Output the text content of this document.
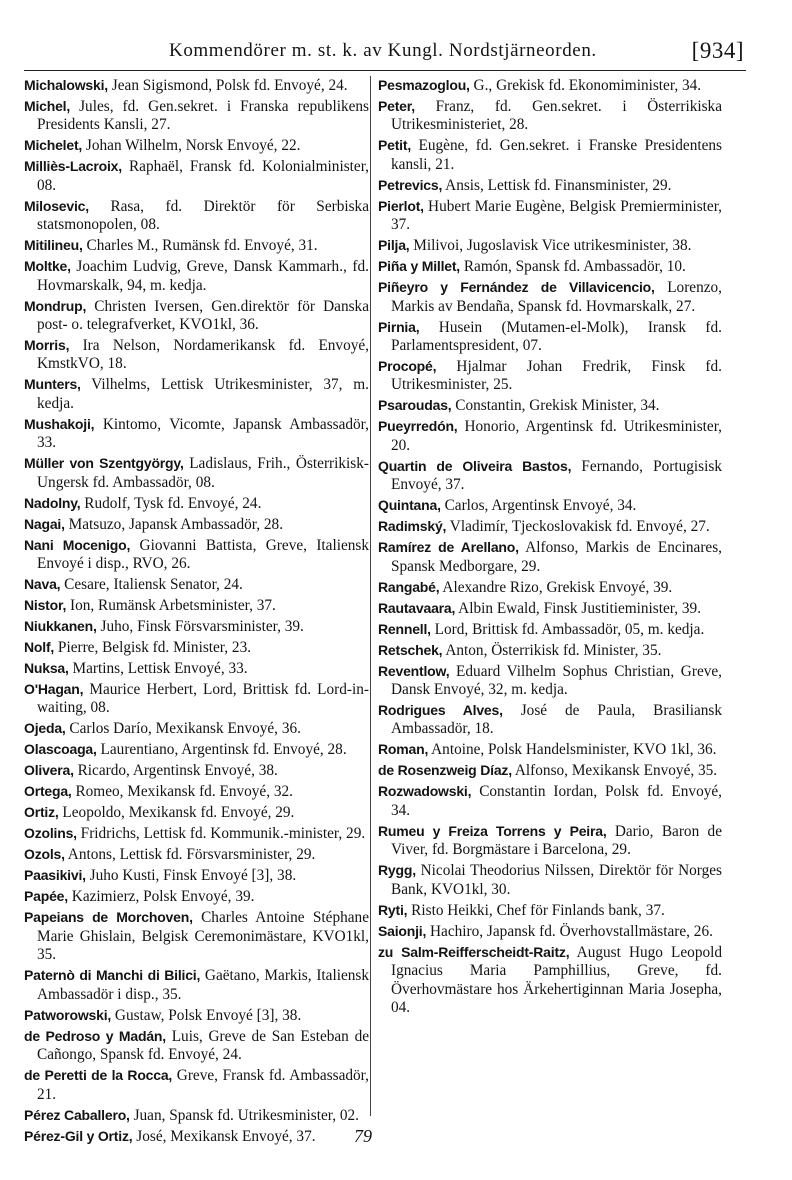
Kommendörer m. st. k. av Kungl. Nordstjärneorden.	[934]
Michalowski, Jean Sigismond, Polsk fd. Envoyé, 24.
Michel, Jules, fd. Gen.sekret. i Franska republikens Presidents Kansli, 27.
Michelet, Johan Wilhelm, Norsk Envoyé, 22.
Milliès-Lacroix, Raphaël, Fransk fd. Kolonialminister, 08.
Milosevic, Rasa, fd. Direktör för Serbiska statsmonopolen, 08.
Mitilineu, Charles M., Rumänsk fd. Envoyé, 31.
Moltke, Joachim Ludvig, Greve, Dansk Kammarh., fd. Hovmarskalk, 94, m. kedja.
Mondrup, Christen Iversen, Gen.direktör för Danska post- o. telegrafverket, KVO1kl, 36.
Morris, Ira Nelson, Nordamerikansk fd. Envoyé, KmstkVO, 18.
Munters, Vilhelms, Lettisk Utrikesminister, 37, m. kedja.
Mushakoji, Kintomo, Vicomte, Japansk Ambassadör, 33.
Müller von Szentgyörgy, Ladislaus, Frih., Österrikisk-Ungersk fd. Ambassadör, 08.
Nadolny, Rudolf, Tysk fd. Envoyé, 24.
Nagai, Matsuzo, Japansk Ambassadör, 28.
Nani Mocenigo, Giovanni Battista, Greve, Italiensk Envoyé i disp., RVO, 26.
Nava, Cesare, Italiensk Senator, 24.
Nistor, Ion, Rumänsk Arbetsminister, 37.
Niukkanen, Juho, Finsk Försvarsminister, 39.
Nolf, Pierre, Belgisk fd. Minister, 23.
Nuksa, Martins, Lettisk Envoyé, 33.
O'Hagan, Maurice Herbert, Lord, Brittisk fd. Lord-in-waiting, 08.
Ojeda, Carlos Darío, Mexikansk Envoyé, 36.
Olascoaga, Laurentiano, Argentinsk fd. Envoyé, 28.
Olivera, Ricardo, Argentinsk Envoyé, 38.
Ortega, Romeo, Mexikansk fd. Envoyé, 32.
Ortiz, Leopoldo, Mexikansk fd. Envoyé, 29.
Ozolins, Fridrichs, Lettisk fd. Kommunik.-minister, 29.
Ozols, Antons, Lettisk fd. Försvarsminister, 29.
Paasikivi, Juho Kusti, Finsk Envoyé [3], 38.
Papée, Kazimierz, Polsk Envoyé, 39.
Papeians de Morchoven, Charles Antoine Stéphane Marie Ghislain, Belgisk Ceremonimästare, KVO1kl, 35.
Paternò di Manchi di Bilici, Gaëtano, Markis, Italiensk Ambassadör i disp., 35.
Patworowski, Gustaw, Polsk Envoyé [3], 38.
de Pedroso y Madán, Luis, Greve de San Esteban de Cañongo, Spansk fd. Envoyé, 24.
de Peretti de la Rocca, Greve, Fransk fd. Ambassadör, 21.
Pérez Caballero, Juan, Spansk fd. Utrikesminister, 02.
Pérez-Gil y Ortiz, José, Mexikansk Envoyé, 37.
Pesmazoglou, G., Grekisk fd. Ekonomiminister, 34.
Peter, Franz, fd. Gen.sekret. i Österrikiska Utrikesministeriet, 28.
Petit, Eugène, fd. Gen.sekret. i Franske Presidentens kansli, 21.
Petrevics, Ansis, Lettisk fd. Finansminister, 29.
Pierlot, Hubert Marie Eugène, Belgisk Premierminister, 37.
Pilja, Milivoi, Jugoslavisk Vice utrikesminister, 38.
Piña y Millet, Ramón, Spansk fd. Ambassadör, 10.
Piñeyro y Fernández de Villavicencio, Lorenzo, Markis av Bendaña, Spansk fd. Hovmarskalk, 27.
Pirnia, Husein (Mutamen-el-Molk), Iransk fd. Parlamentspresident, 07.
Procopé, Hjalmar Johan Fredrik, Finsk fd. Utrikesminister, 25.
Psaroudas, Constantin, Grekisk Minister, 34.
Pueyrredón, Honorio, Argentinsk fd. Utrikesminister, 20.
Quartin de Oliveira Bastos, Fernando, Portugisisk Envoyé, 37.
Quintana, Carlos, Argentinsk Envoyé, 34.
Radimský, Vladimír, Tjeckoslovakisk fd. Envoyé, 27.
Ramírez de Arellano, Alfonso, Markis de Encinares, Spansk Medborgare, 29.
Rangabé, Alexandre Rizo, Grekisk Envoyé, 39.
Rautavaara, Albin Ewald, Finsk Justitieminister, 39.
Rennell, Lord, Brittisk fd. Ambassadör, 05, m. kedja.
Retschek, Anton, Österrikisk fd. Minister, 35.
Reventlow, Eduard Vilhelm Sophus Christian, Greve, Dansk Envoyé, 32, m. kedja.
Rodrigues Alves, José de Paula, Brasiliansk Ambassadör, 18.
Roman, Antoine, Polsk Handelsminister, KVO 1kl, 36.
de Rosenzweig Díaz, Alfonso, Mexikansk Envoyé, 35.
Rozwadowski, Constantin Iordan, Polsk fd. Envoyé, 34.
Rumeu y Freiza Torrens y Peira, Dario, Baron de Viver, fd. Borgmästare i Barcelona, 29.
Rygg, Nicolai Theodorius Nilssen, Direktör för Norges Bank, KVO1kl, 30.
Ryti, Risto Heikki, Chef för Finlands bank, 37.
Saionji, Hachiro, Japansk fd. Överhovstallmästare, 26.
zu Salm-Reifferscheidt-Raitz, August Hugo Leopold Ignacius Maria Pamphillius, Greve, fd. Överhovmästare hos Ärkehertiginnan Maria Josepha, 04.
79
